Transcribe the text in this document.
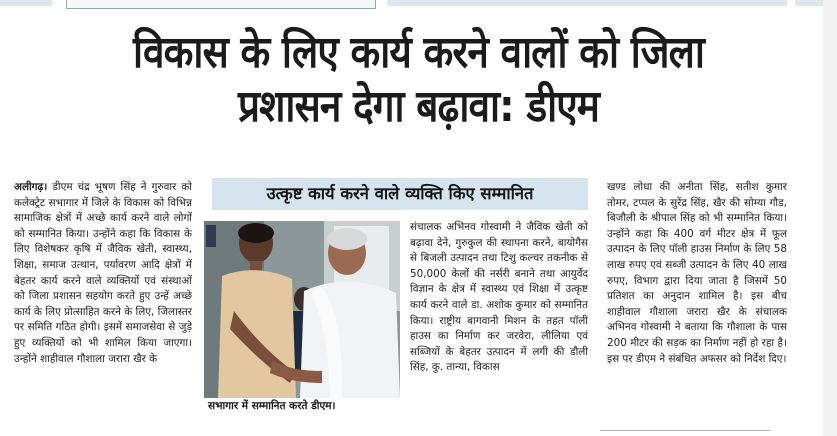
विकास के लिए कार्य करने वालों को जिला
प्रशासन देगा बढ़ावा: डीएम
अलीगढ़। डीएम चंद्र भूषण सिंह ने गुरुवार को कलेक्ट्रेट सभागार में जिले के विकास को विभिन्न सामाजिक क्षेत्रों में अच्छे कार्य करने वाले लोगों को सम्मानित किया। उन्होंने कहा कि विकास के लिए विशेषकर कृषि में जैविक खेती, स्वास्थ्य, शिक्षा, समाज उत्थान, पर्यावरण आदि क्षेत्रों में बेहतर कार्य करने वाले व्यक्तियों एवं संस्थाओं को जिला प्रशासन सहयोग करते हुए उन्हें अच्छे कार्य के लिए प्रोत्साहित करने के लिए, जिलास्तर पर समिति गठित होगी। इसमें समाजसेवा से जुड़े हुए व्यक्तियों को भी शामिल किया जाएगा। उन्होंने शाहीवाल गौशाला जरारा खैर के
उत्कृष्ट कार्य करने वाले व्यक्ति किए सम्मानित
सभागार में सम्मानित करते डीएम।
संचालक अभिनव गोस्वामी ने जैविक खेती को बढ़ावा देने, गुरुकुल की स्थापना करने, बायोगैस से बिजली उत्पादन तथा टिशु कल्चर तकनीक से 50,000 केलों की नर्सरी बनाने तथा आयुर्वेद विज्ञान के क्षेत्र में स्वास्थ्य एवं शिक्षा में उत्कृष्ट कार्य करने वाले डा. अशोक कुमार को सम्मानित किया। राष्ट्रीय बागवानी मिशन के तहत पॉली हाउस का निर्माण कर जरवेरा, लीलिया एवं सब्जियों के बेहतर उत्पादन में लगी की डौली सिंह, कु. तान्या, विकास
खण्ड लोधा की अनीता सिंह, सतीश कुमार तोमर, टप्पल के सुरेंद्र सिंह, खैर की सोम्या गौड, बिजौली के श्रीपाल सिंह को भी सम्मानित किया। उन्होंने कहा कि 400 वर्ग मीटर क्षेत्र में फूल उत्पादन के लिए पॉली हाउस निर्माण के लिए 58 लाख रुपए एवं सब्जी उत्पादन के लिए 40 लाख रुपए, विभाग द्वारा दिया जाता है जिसमें 50 प्रतिशत का अनुदान शामिल है। इस बीच शाहीवाल गौशाला जरारा खैर के संचालक अभिनव गोस्वामी ने बताया कि गौशाला के पास 200 मीटर की सड़क का निर्माण नहीं हो रहा है। इस पर डीएम ने संबंधित अफसर को निर्देश दिए।
